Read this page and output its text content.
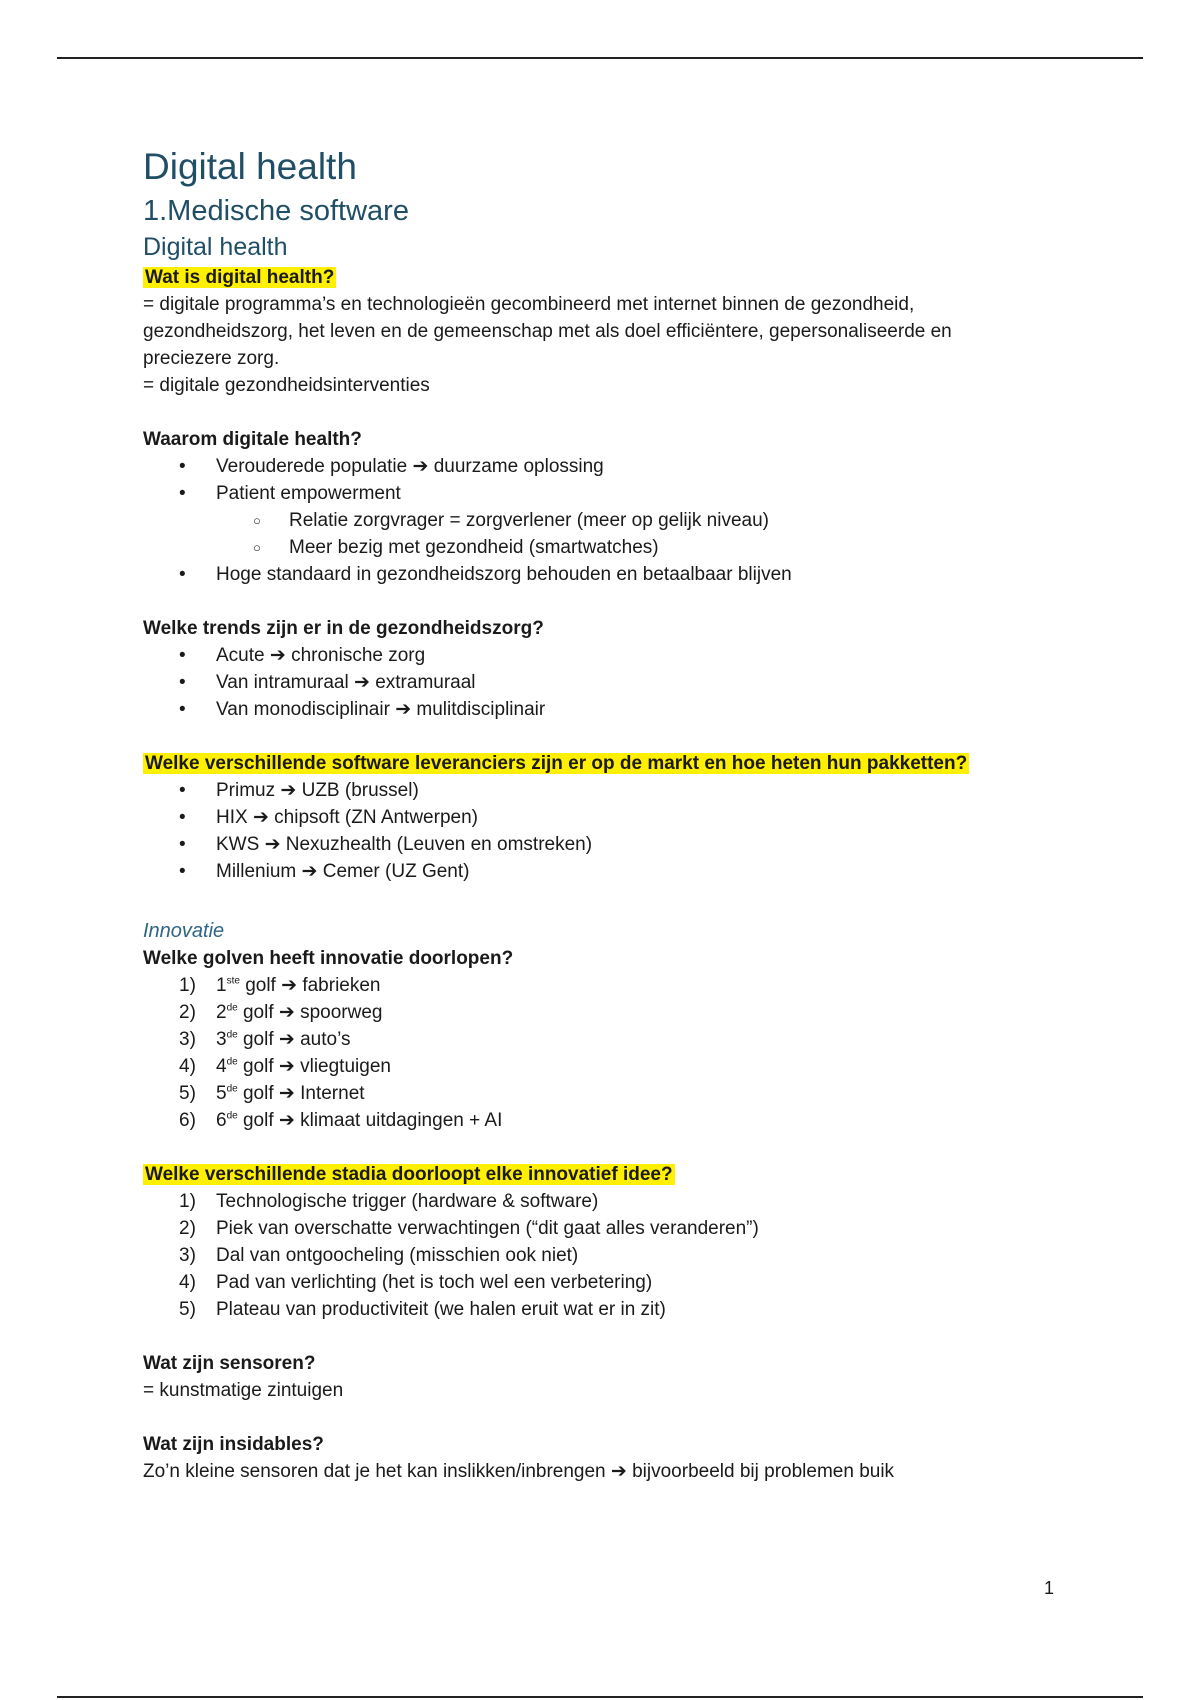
Digital health
1.Medische software
Digital health

Wat is digital health?

= digitale programma’s en technologieën gecombineerd met internet binnen de gezondheid,

gezondheidszorg, het leven en de gemeenschap met als doel efficiëntere, gepersonaliseerde en

preciezere zorg.

= digitale gezondheidsinterventies

Waarom digitale health?

• Verouderede populatie ➔ duurzame oplossing
• Patient empowerment
○ Relatie zorgvrager = zorgverlener (meer op gelijk niveau)
○ Meer bezig met gezondheid (smartwatches)
• Hoge standaard in gezondheidszorg behouden en betaalbaar blijven

Welke trends zijn er in de gezondheidszorg?

• Acute ➔ chronische zorg
• Van intramuraal ➔ extramuraal
• Van monodisciplinair ➔ mulitdisciplinair

Welke verschillende software leveranciers zijn er op de markt en hoe heten hun pakketten?

• Primuz ➔ UZB (brussel)
• HIX ➔ chipsoft (ZN Antwerpen)
• KWS ➔ Nexuzhealth (Leuven en omstreken)
• Millenium ➔ Cemer (UZ Gent)
Innovatie

Welke golven heeft innovatie doorlopen?

1)	1ste golf ➔ fabrieken
2)	2de golf ➔ spoorweg
3)	3de golf ➔ auto’s
4)	4de golf ➔ vliegtuigen
5)	5de golf ➔ Internet
6)	6de golf ➔ klimaat uitdagingen + AI

Welke verschillende stadia doorloopt elke innovatief idee?

1)	Technologische trigger (hardware & software)
2)	Piek van overschatte verwachtingen (“dit gaat alles veranderen”)
3)	Dal van ontgoocheling (misschien ook niet)
4)	Pad van verlichting (het is toch wel een verbetering)
5)	Plateau van productiviteit (we halen eruit wat er in zit)

Wat zijn sensoren?

= kunstmatige zintuigen

Wat zijn insidables?

Zo’n kleine sensoren dat je het kan inslikken/inbrengen ➔ bijvoorbeeld bij problemen buik

1
